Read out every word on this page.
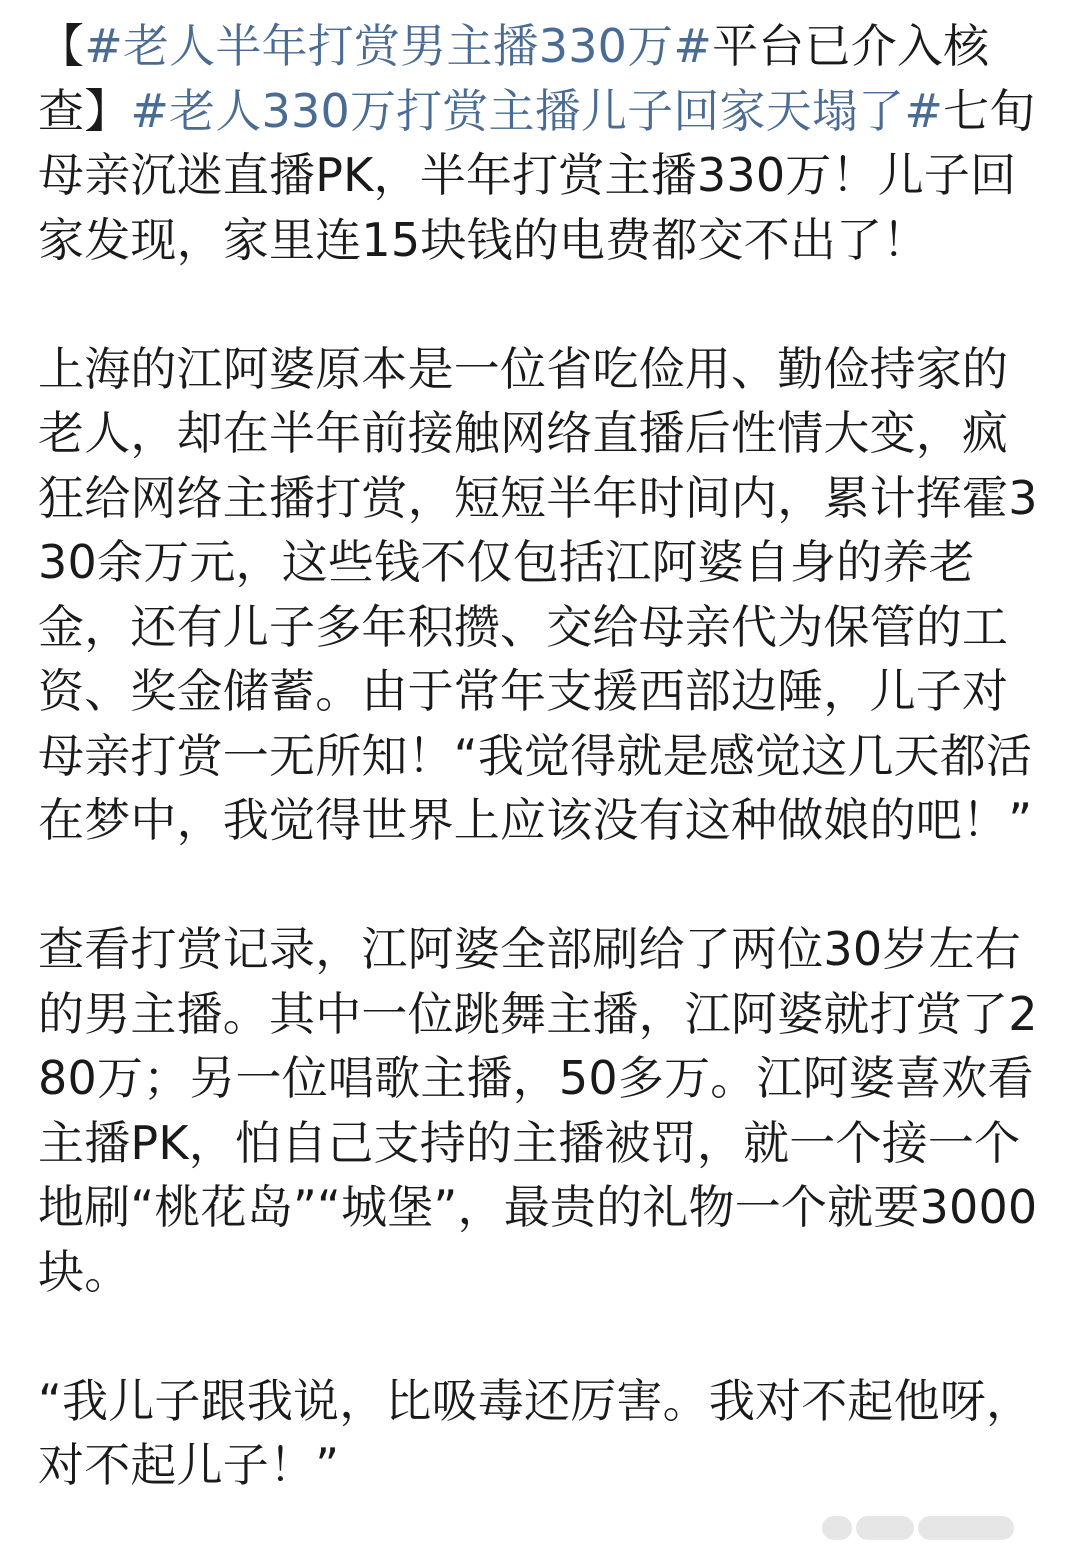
【#老人半年打赏男主播330万#平台已介入核查】#老人330万打赏主播儿子回家天塌了#七旬母亲沉迷直播PK，半年打赏主播330万！儿子回家发现，家里连15块钱的电费都交不出了！

上海的江阿婆原本是一位省吃俭用、勤俭持家的老人，却在半年前接触网络直播后性情大变，疯狂给网络主播打赏，短短半年时间内，累计挥霍330余万元，这些钱不仅包括江阿婆自身的养老金，还有儿子多年积攒、交给母亲代为保管的工资、奖金储蓄。由于常年支援西部边陲，儿子对母亲打赏一无所知！“我觉得就是感觉这几天都活在梦中，我觉得世界上应该没有这种做娘的吧！”

查看打赏记录，江阿婆全部刷给了两位30岁左右的男主播。其中一位跳舞主播，江阿婆就打赏了280万；另一位唱歌主播，50多万。江阿婆喜欢看主播PK，怕自己支持的主播被罚，就一个接一个地刷“桃花岛”“城堡”，最贵的礼物一个就要3000块。

“我儿子跟我说，比吸毒还厉害。我对不起他呀，对不起儿子！”
